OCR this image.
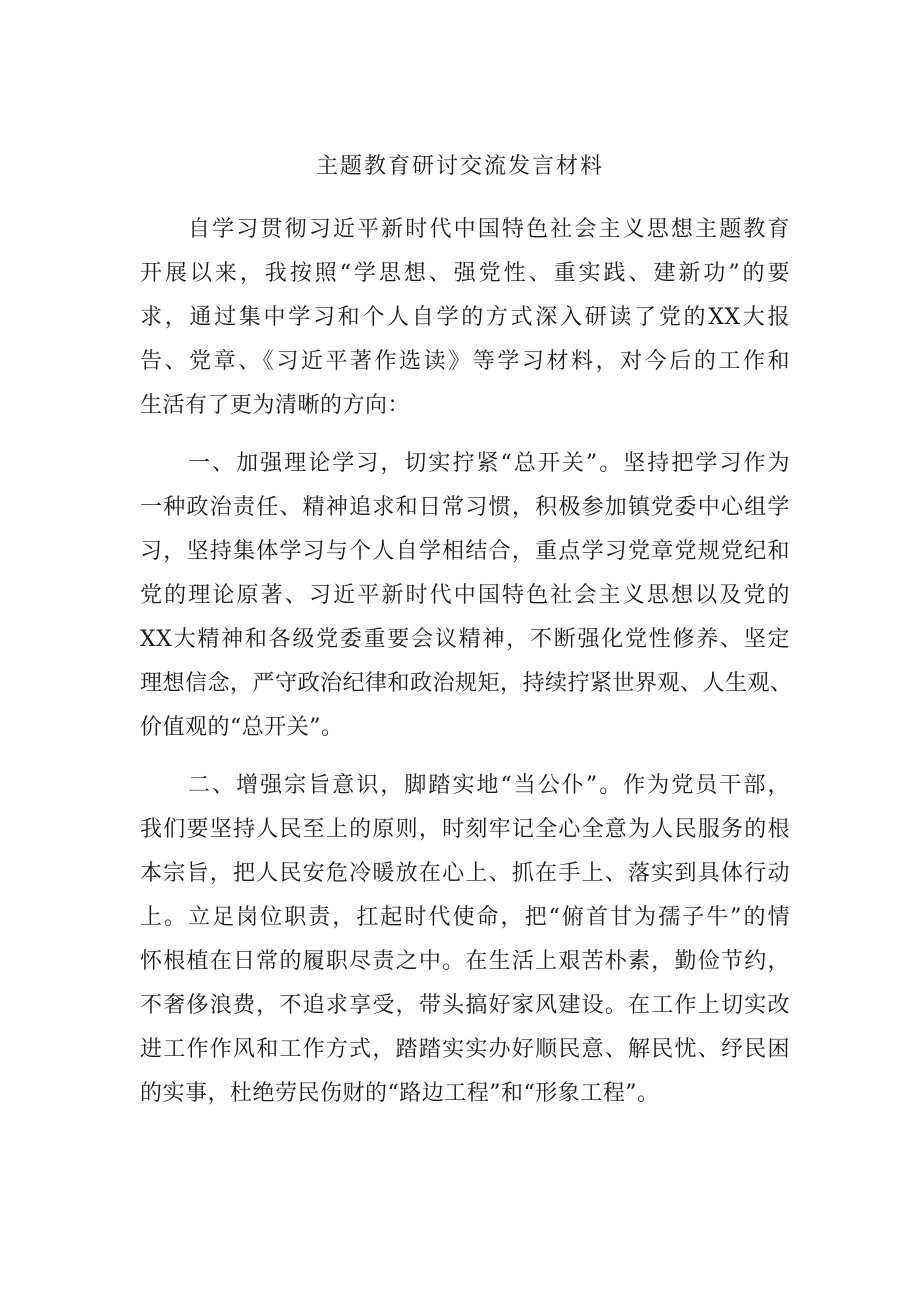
主题教育研讨交流发言材料
自学习贯彻习近平新时代中国特色社会主义思想主题教育
开展以来，我按照“学思想、强党性、重实践、建新功”的要
求，通过集中学习和个人自学的方式深入研读了党的XX大报
告、党章、《习近平著作选读》等学习材料，对今后的工作和
生活有了更为清晰的方向：
一、加强理论学习，切实拧紧“总开关”。坚持把学习作为
一种政治责任、精神追求和日常习惯，积极参加镇党委中心组学
习，坚持集体学习与个人自学相结合，重点学习党章党规党纪和
党的理论原著、习近平新时代中国特色社会主义思想以及党的
XX大精神和各级党委重要会议精神，不断强化党性修养、坚定
理想信念，严守政治纪律和政治规矩，持续拧紧世界观、人生观、
价值观的“总开关”。
二、增强宗旨意识，脚踏实地“当公仆”。作为党员干部，
我们要坚持人民至上的原则，时刻牢记全心全意为人民服务的根
本宗旨，把人民安危冷暖放在心上、抓在手上、落实到具体行动
上。立足岗位职责，扛起时代使命，把“俯首甘为孺子牛”的情
怀根植在日常的履职尽责之中。在生活上艰苦朴素，勤俭节约，
不奢侈浪费，不追求享受，带头搞好家风建设。在工作上切实改
进工作作风和工作方式，踏踏实实办好顺民意、解民忧、纾民困
的实事，杜绝劳民伤财的“路边工程”和“形象工程”。
